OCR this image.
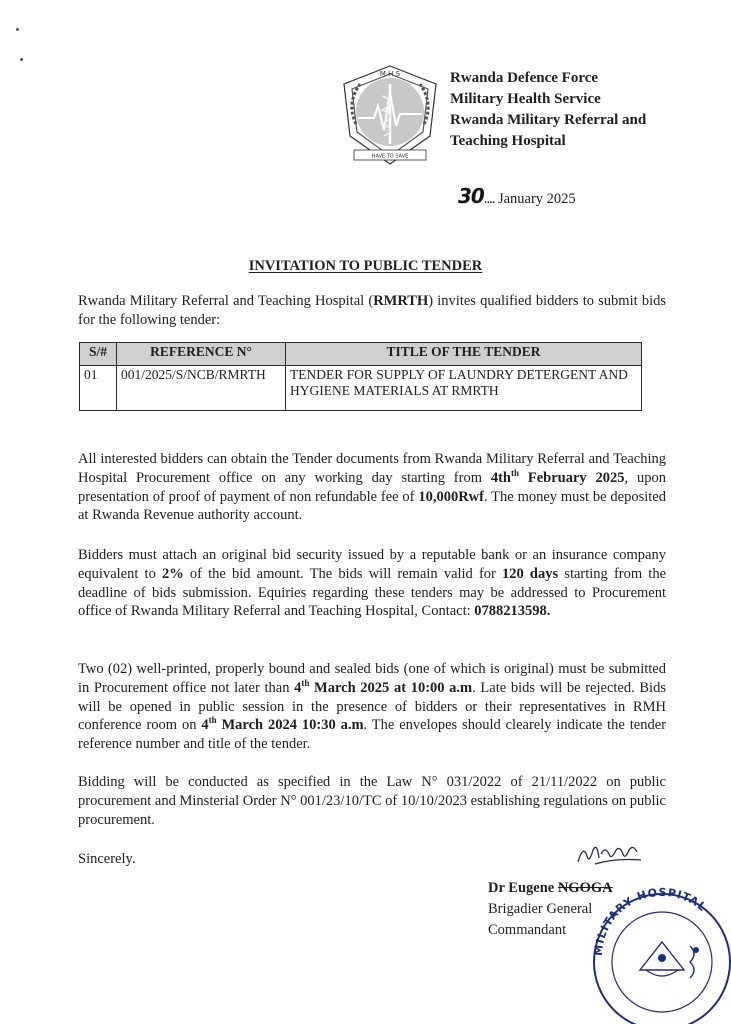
M H S
HAVE TO SAVE
Rwanda Defence Force
Military Health Service
Rwanda Military Referral and
Teaching Hospital
30.... January 2025
INVITATION TO PUBLIC TENDER

Rwanda Military Referral and Teaching Hospital (RMRTH) invites qualified bidders to submit bids for the following tender:

S/#	REFERENCE N°	TITLE OF THE TENDER
01	001/2025/S/NCB/RMRTH	TENDER FOR SUPPLY OF LAUNDRY DETERGENT AND HYGIENE MATERIALS AT RMRTH

All interested bidders can obtain the Tender documents from Rwanda Military Referral and Teaching Hospital Procurement office on any working day starting from $4th^{th}$ February 2025, upon presentation of proof of payment of non refundable fee of 10,000Rwf. The money must be deposited at Rwanda Revenue authority account.

Bidders must attach an original bid security issued by a reputable bank or an insurance company equivalent to 2% of the bid amount. The bids will remain valid for 120 days starting from the deadline of bids submission. Equiries regarding these tenders may be addressed to Procurement office of Rwanda Military Referral and Teaching Hospital, Contact: 0788213598.

Two (02) well-printed, properly bound and sealed bids (one of which is original) must be submitted in Procurement office not later than 4th March 2025 at 10:00 a.m. Late bids will be rejected. Bids will be opened in public session in the presence of bidders or their representatives in RMH conference room on 4th March 2024 10:30 a.m. The envelopes should clearely indicate the tender reference number and title of the tender.

Bidding will be conducted as specified in the Law N° 031/2022 of 21/11/2022 on public procurement and Minsterial Order N° 001/23/10/TC of 10/10/2023 establishing regulations on public procurement.

Sincerely.

MILITARY HOSPITAL
Dr Eugene NGOGA
Brigadier General
Commandant
